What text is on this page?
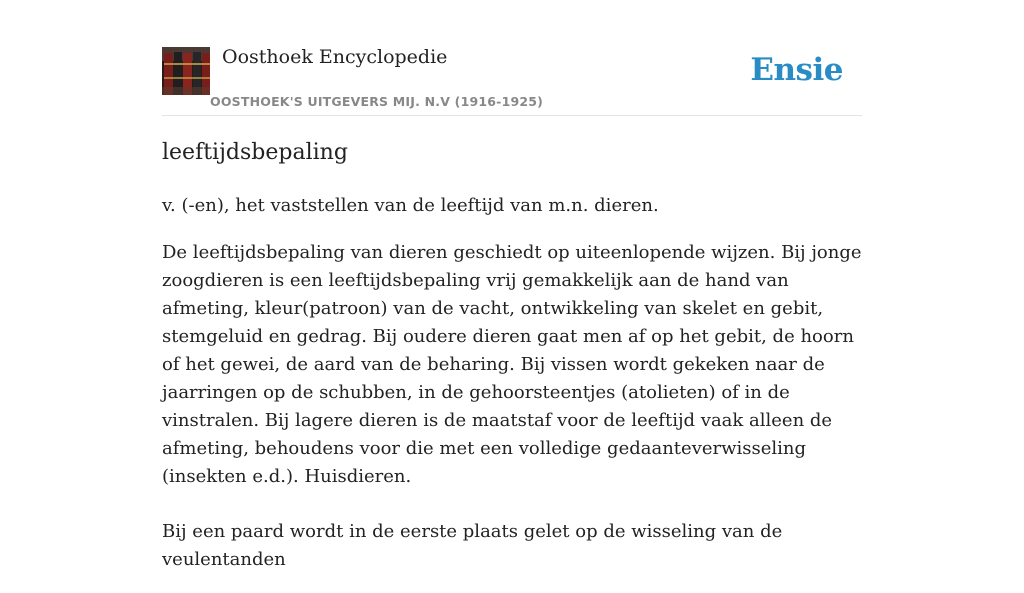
Oosthoek Encyclopedie
OOSTHOEK'S UITGEVERS MIJ. N.V (1916-1925)
Ensie
leeftijdsbepaling

v. (-en), het vaststellen van de leeftijd van m.n. dieren.

De leeftijdsbepaling van dieren geschiedt op uiteenlopende wijzen. Bij jonge zoogdieren is een leeftijdsbepaling vrij gemakkelijk aan de hand van afmeting, kleur(patroon) van de vacht, ontwikkeling van skelet en gebit, stemgeluid en gedrag. Bij oudere dieren gaat men af op het gebit, de hoorn of het gewei, de aard van de beharing. Bij vissen wordt gekeken naar de jaarringen op de schubben, in de gehoorsteentjes (atolieten) of in de vinstralen. Bij lagere dieren is de maatstaf voor de leeftijd vaak alleen de afmeting, behoudens voor die met een volledige gedaanteverwisseling (insekten e.d.). Huisdieren.

Bij een paard wordt in de eerste plaats gelet op de wisseling van de veulentanden
